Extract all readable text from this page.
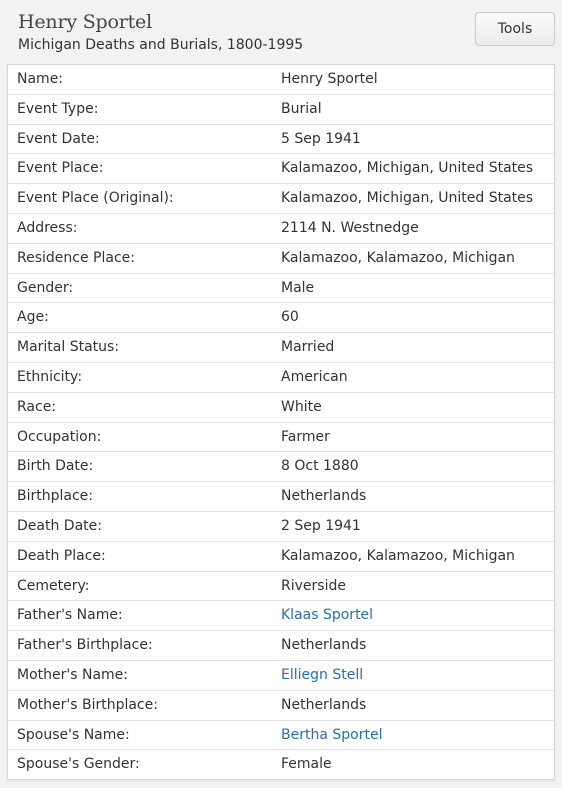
Henry Sportel
Michigan Deaths and Burials, 1800-1995
Tools
Name:	Henry Sportel
Event Type:	Burial
Event Date:	5 Sep 1941
Event Place:	Kalamazoo, Michigan, United States
Event Place (Original):	Kalamazoo, Michigan, United States
Address:	2114 N. Westnedge
Residence Place:	Kalamazoo, Kalamazoo, Michigan
Gender:	Male
Age:	60
Marital Status:	Married
Ethnicity:	American
Race:	White
Occupation:	Farmer
Birth Date:	8 Oct 1880
Birthplace:	Netherlands
Death Date:	2 Sep 1941
Death Place:	Kalamazoo, Kalamazoo, Michigan
Cemetery:	Riverside
Father's Name:	Klaas Sportel
Father's Birthplace:	Netherlands
Mother's Name:	Elliegn Stell
Mother's Birthplace:	Netherlands
Spouse's Name:	Bertha Sportel
Spouse's Gender:	Female
